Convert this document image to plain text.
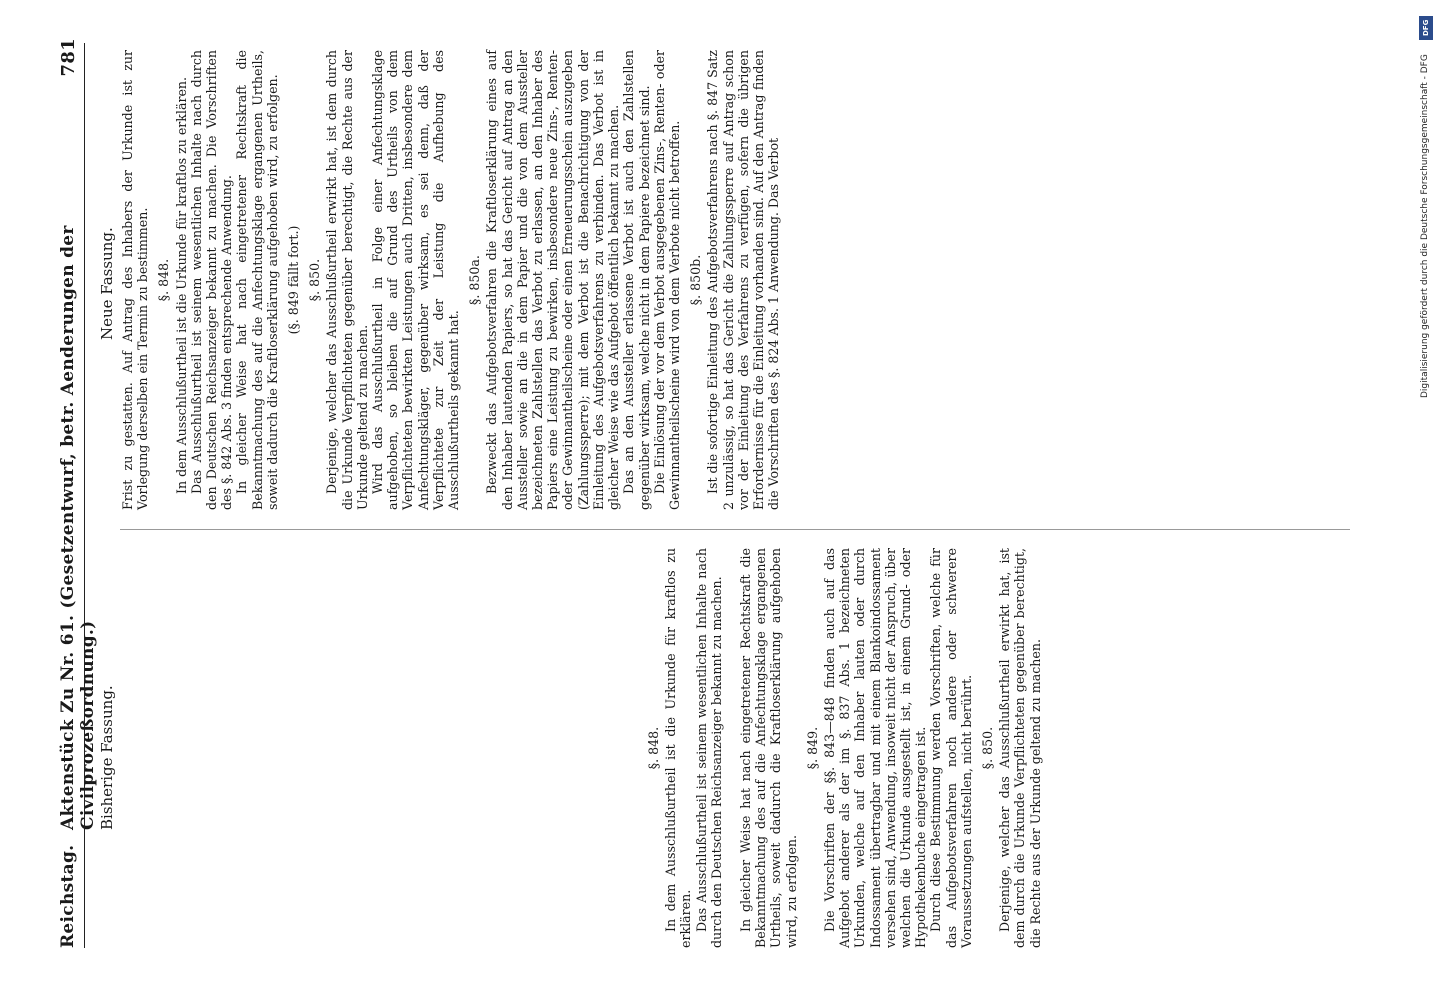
Reichstag.
Aktenstück Zu Nr. 61. (Gesetzentwurf, betr. Aenderungen der Civilprozeßordnung.)
781
Bisherige Fassung.
Neue Fassung.

§. 848. In dem Ausschlußurtheil ist die Urkunde für kraftlos zu erklären. Das Ausschlußurtheil ist seinem wesentlichen Inhalte nach durch den Deutschen Reichsanzeiger bekannt zu machen. In gleicher Weise hat nach eingetretener Rechtskraft die Bekanntmachung des auf die Anfechtungsklage ergangenen Urtheils, soweit dadurch die Kraftloserklärung aufgehoben wird, zu erfolgen.

§. 849. Die Vorschriften der §§. 843—848 finden auch auf das Aufgebot anderer als der im §. 837 Abs. 1 bezeichneten Urkunden, welche auf den Inhaber lauten oder durch Indossament übertragbar und mit einem Blankoindossament versehen sind, Anwendung, insoweit nicht der Anspruch, über welchen die Urkunde ausgestellt ist, in einem Grund- oder Hypothekenbuche eingetragen ist. Durch diese Bestimmung werden Vorschriften, welche für das Aufgebotsverfahren noch andere oder schwerere Voraussetzungen aufstellen, nicht berührt. §. 850. Derjenige, welcher das Ausschlußurtheil erwirkt hat, ist dem durch die Urkunde Verpflichteten gegenüber berechtigt, die Rechte aus der Urkunde geltend zu machen.

Frist zu gestatten. Auf Antrag des Inhabers der Urkunde ist zur Vorlegung derselben ein Termin zu bestimmen. §. 848. In dem Ausschlußurtheil ist die Urkunde für kraftlos zu erklären. Das Ausschlußurtheil ist seinem wesentlichen Inhalte nach durch den Deutschen Reichsanzeiger bekannt zu machen. Die Vorschriften des §. 842 Abs. 3 finden entsprechende Anwendung. In gleicher Weise hat nach eingetretener Rechtskraft die Bekanntmachung des auf die Anfechtungsklage ergangenen Urtheils, soweit dadurch die Kraftloserklärung aufgehoben wird, zu erfolgen. (§. 849 fällt fort.) §. 850. Derjenige, welcher das Ausschlußurtheil erwirkt hat, ist dem durch die Urkunde Verpflichteten gegenüber berechtigt, die Rechte aus der Urkunde geltend zu machen. Wird das Ausschlußurtheil in Folge einer Anfechtungsklage aufgehoben, so bleiben die auf Grund des Urtheils von dem Verpflichteten bewirkten Leistungen auch Dritten, insbesondere dem Anfechtungskläger, gegenüber wirksam, es sei denn, daß der Verpflichtete zur Zeit der Leistung die Aufhebung des Ausschlußurtheils gekannt hat.

§. 850a. Bezweckt das Aufgebotsverfahren die Kraftloserklärung eines auf den Inhaber lautenden Papiers, so hat das Gericht auf Antrag an den Aussteller sowie an die in dem Papier und die von dem Aussteller bezeichneten Zahlstellen das Verbot zu erlassen, an den Inhaber des Papiers eine Leistung zu bewirken, insbesondere neue Zins-, Renten- oder Gewinnantheilscheine oder einen Erneuerungsschein auszugeben (Zahlungssperre); mit dem Verbot ist die Benachrichtigung von der Einleitung des Aufgebotsverfahrens zu verbinden. Das Verbot ist in gleicher Weise wie das Aufgebot öffentlich bekannt zu machen. Das an den Aussteller erlassene Verbot ist auch den Zahlstellen gegenüber wirksam, welche nicht in dem Papiere bezeichnet sind. Die Einlösung der vor dem Verbot ausgegebenen Zins-, Renten- oder Gewinnantheilscheine wird von dem Verbote nicht betroffen. §. 850b. Ist die sofortige Einleitung des Aufgebotsverfahrens nach §. 847 Satz 2 unzulässig, so hat das Gericht die Zahlungssperre auf Antrag schon vor der Einleitung des Verfahrens zu verfügen, sofern die übrigen Erfordernisse für die Einleitung vorhanden sind. Auf den Antrag finden die Vorschriften des §. 824 Abs. 1 Anwendung. Das Verbot

DFG
Digitalisierung gefördert durch die Deutsche Forschungsgemeinschaft - DFG
